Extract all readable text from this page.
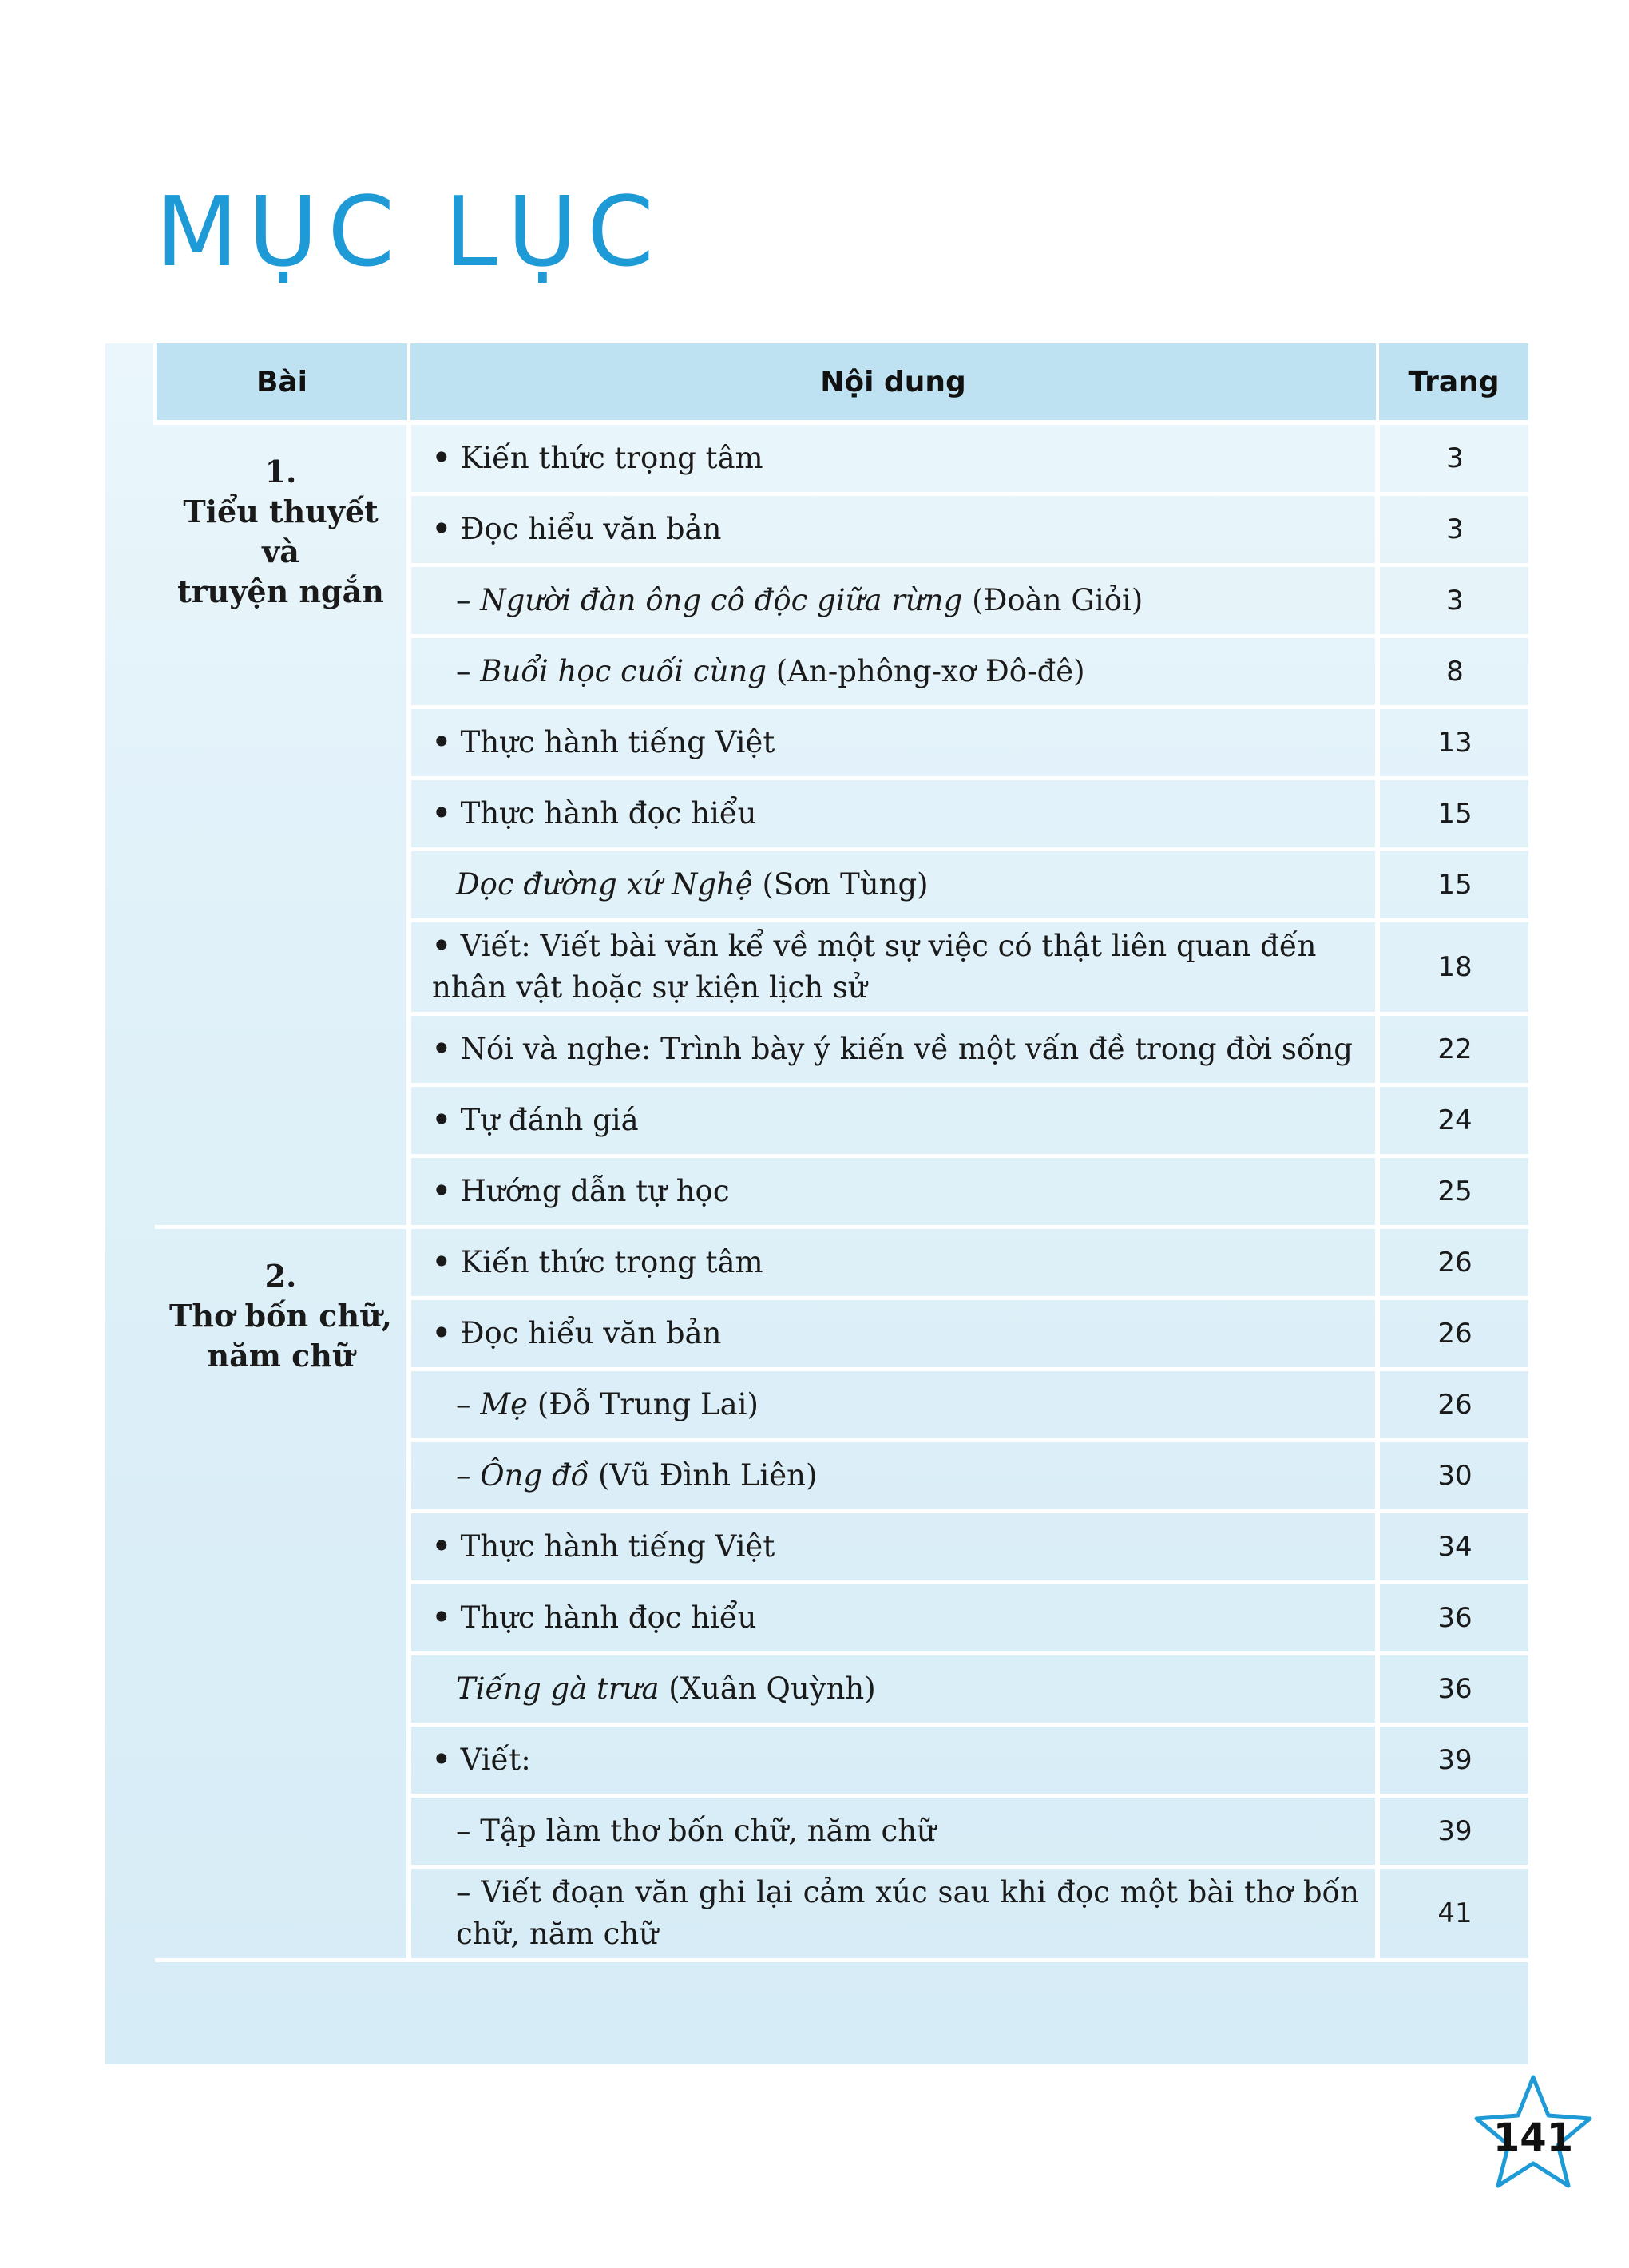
MỤC LỤC
Bài	Nội dung	Trang

1.
Tiểu thuyết
và
truyện ngắn	• Kiến thức trọng tâm	3
	• Đọc hiểu văn bản	3
	– Người đàn ông cô độc giữa rừng (Đoàn Giỏi)	3
	– Buổi học cuối cùng (An-phông-xơ Đô-đê)	8
	• Thực hành tiếng Việt	13
	• Thực hành đọc hiểu	15
	Dọc đường xứ Nghệ (Sơn Tùng)	15
	• Viết: Viết bài văn kể về một sự việc có thật liên quan đến nhân vật hoặc sự kiện lịch sử	18
	• Nói và nghe: Trình bày ý kiến về một vấn đề trong đời sống	22
	• Tự đánh giá	24
	• Hướng dẫn tự học	25

2.
Thơ bốn chữ,
năm chữ	• Kiến thức trọng tâm	26
	• Đọc hiểu văn bản	26
	– Mẹ (Đỗ Trung Lai)	26
	– Ông đồ (Vũ Đình Liên)	30
	• Thực hành tiếng Việt	34
	• Thực hành đọc hiểu	36
	Tiếng gà trưa (Xuân Quỳnh)	36
	• Viết:	39
	– Tập làm thơ bốn chữ, năm chữ	39
	– Viết đoạn văn ghi lại cảm xúc sau khi đọc một bài thơ bốn chữ, năm chữ	41
141
